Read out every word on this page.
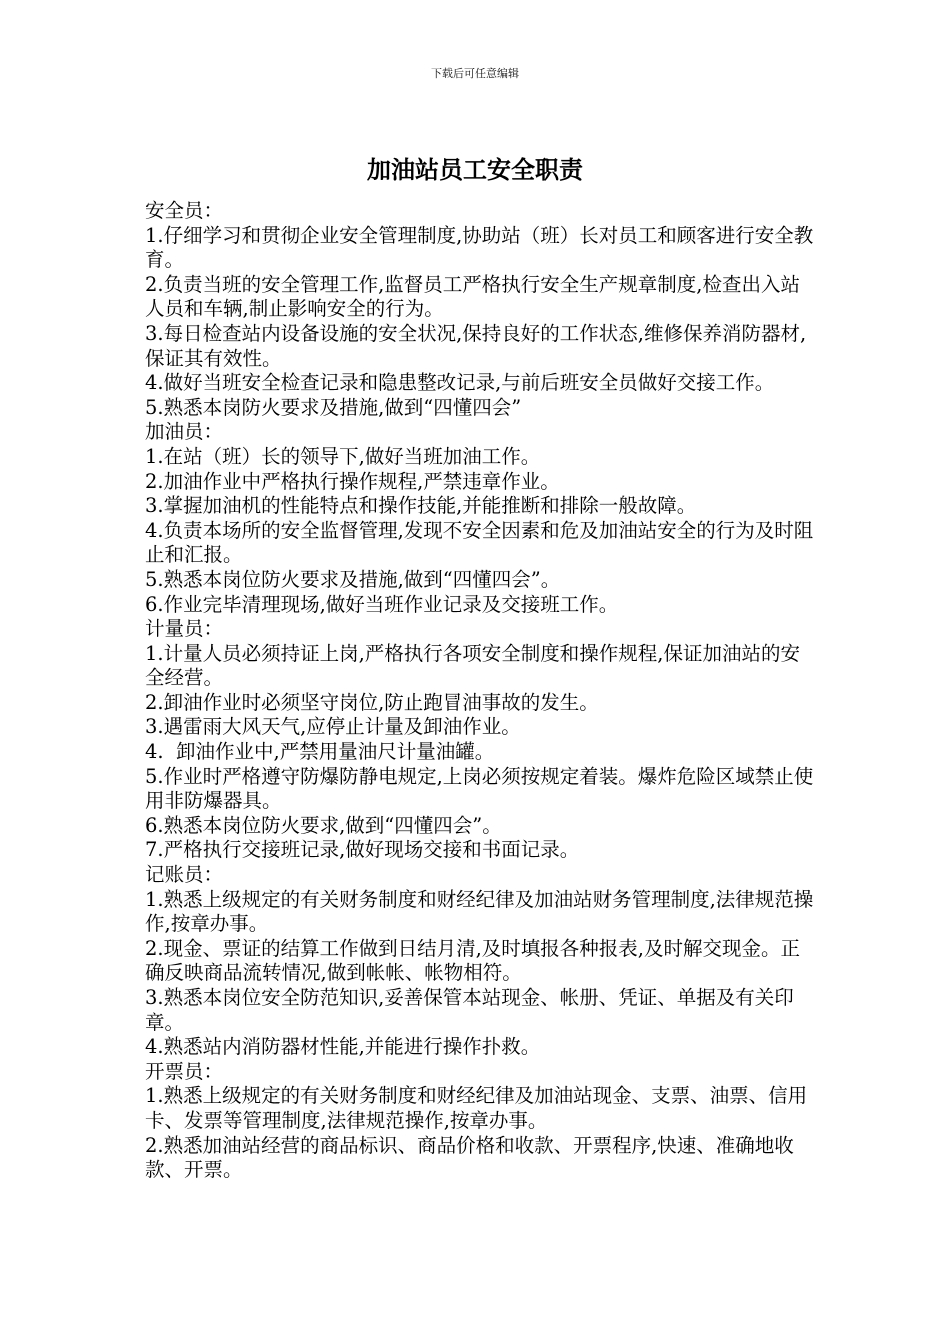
下载后可任意编辑
加油站员工安全职责

安全员：

1.仔细学习和贯彻企业安全管理制度,协助站（班）长对员工和顾客进行安全教育。

2.负责当班的安全管理工作,监督员工严格执行安全生产规章制度,检查出入站人员和车辆,制止影响安全的行为。

3.每日检查站内设备设施的安全状况,保持良好的工作状态,维修保养消防器材,保证其有效性。

4.做好当班安全检查记录和隐患整改记录,与前后班安全员做好交接工作。

5.熟悉本岗防火要求及措施,做到“四懂四会”

加油员：

1.在站（班）长的领导下,做好当班加油工作。

2.加油作业中严格执行操作规程,严禁违章作业。

3.掌握加油机的性能特点和操作技能,并能推断和排除一般故障。

4.负责本场所的安全监督管理,发现不安全因素和危及加油站安全的行为及时阻止和汇报。

5.熟悉本岗位防火要求及措施,做到“四懂四会”。

6.作业完毕清理现场,做好当班作业记录及交接班工作。

计量员：

1.计量人员必须持证上岗,严格执行各项安全制度和操作规程,保证加油站的安全经营。

2.卸油作业时必须坚守岗位,防止跑冒油事故的发生。

3.遇雷雨大风天气,应停止计量及卸油作业。

4.  卸油作业中,严禁用量油尺计量油罐。

5.作业时严格遵守防爆防静电规定,上岗必须按规定着装。爆炸危险区域禁止使用非防爆器具。

6.熟悉本岗位防火要求,做到“四懂四会”。

7.严格执行交接班记录,做好现场交接和书面记录。

记账员：

1.熟悉上级规定的有关财务制度和财经纪律及加油站财务管理制度,法律规范操作,按章办事。

2.现金、票证的结算工作做到日结月清,及时填报各种报表,及时解交现金。正确反映商品流转情况,做到帐帐、帐物相符。

3.熟悉本岗位安全防范知识,妥善保管本站现金、帐册、凭证、单据及有关印章。

4.熟悉站内消防器材性能,并能进行操作扑救。

开票员：

1.熟悉上级规定的有关财务制度和财经纪律及加油站现金、支票、油票、信用卡、发票等管理制度,法律规范操作,按章办事。

2.熟悉加油站经营的商品标识、商品价格和收款、开票程序,快速、准确地收款、开票。
